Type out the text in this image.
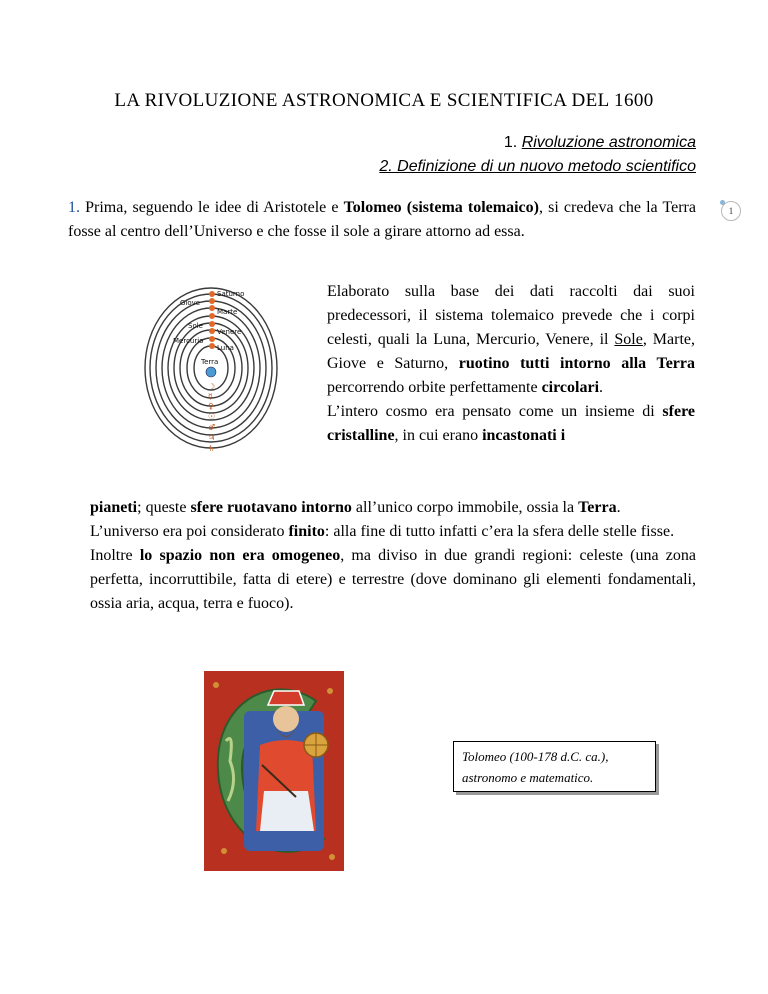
LA RIVOLUZIONE ASTRONOMICA E SCIENTIFICA DEL 1600
1. Rivoluzione astronomica
2. Definizione di un nuovo metodo scientifico
1
1. Prima, seguendo le idee di Aristotele e Tolomeo (sistema tolemaico), si credeva che la Terra fosse al centro dell’Universo e che fosse il sole a girare attorno ad essa.
Saturno
Giove
Marte
Sole
Venere
Mercurio
Luna
Terra
☽
☿
♀
☉
♂
♃
♄
Elaborato sulla base dei dati raccolti dai suoi predecessori, il sistema tolemaico prevede che i corpi celesti, quali la Luna, Mercurio, Venere, il Sole, Marte, Giove e Saturno, ruotino tutti intorno alla Terra percorrendo orbite perfettamente circolari.
L’intero cosmo era pensato come un insieme di sfere cristalline, in cui erano incastonati i
pianeti; queste sfere ruotavano intorno all’unico corpo immobile, ossia la Terra.
L’universo era poi considerato finito: alla fine di tutto infatti c’era la sfera delle stelle fisse.
Inoltre lo spazio non era omogeneo, ma diviso in due grandi regioni: celeste (una zona perfetta, incorruttibile, fatta di etere) e terrestre (dove dominano gli elementi fondamentali, ossia aria, acqua, terra e fuoco).
Tolomeo (100-178 d.C. ca.),
astronomo e matematico.
